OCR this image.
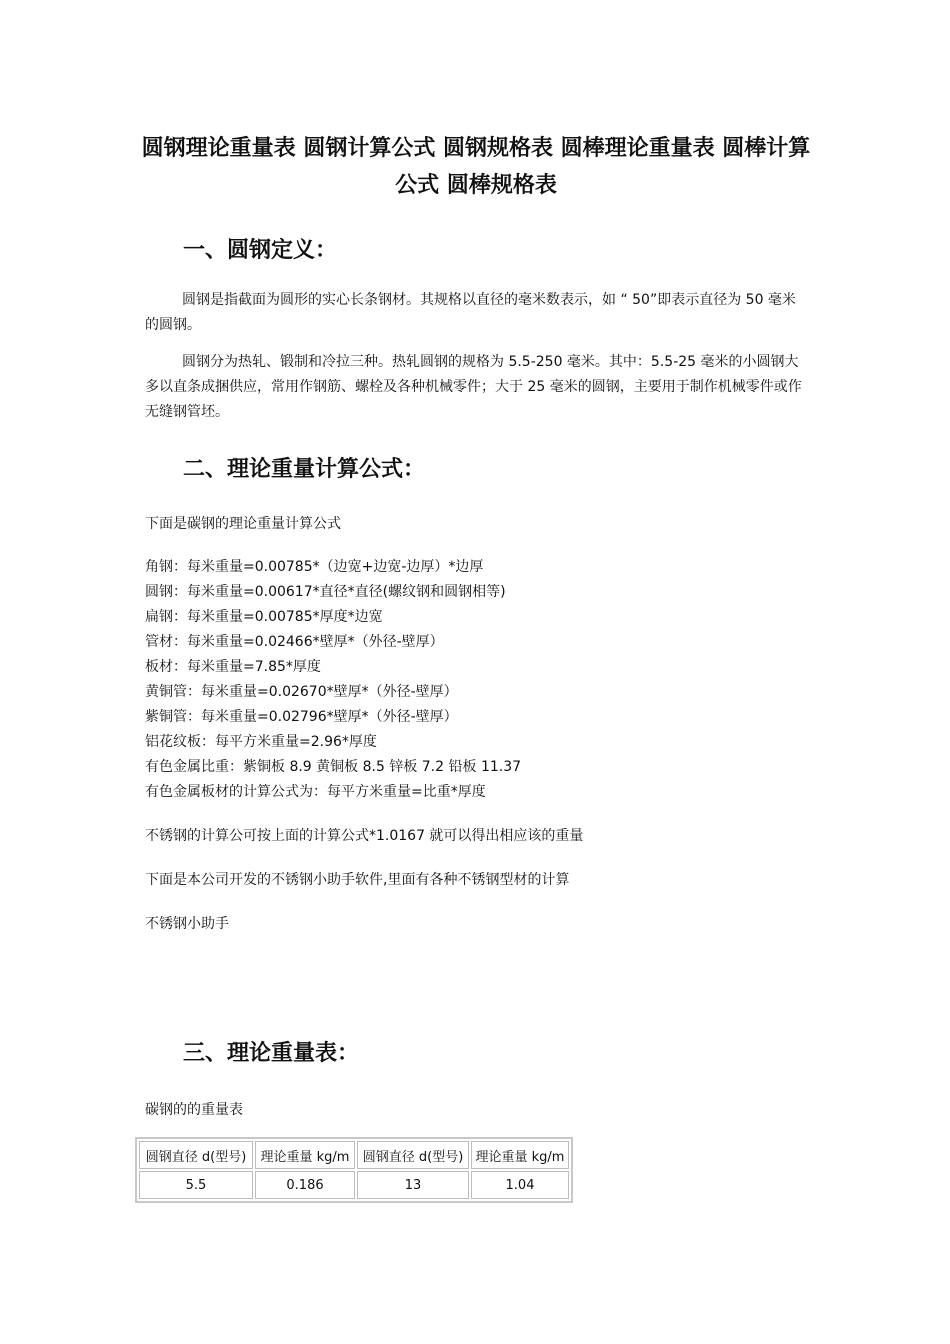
圆钢理论重量表 圆钢计算公式 圆钢规格表 圆棒理论重量表 圆棒计算公式 圆棒规格表
一、圆钢定义：

圆钢是指截面为圆形的实心长条钢材。其规格以直径的毫米数表示，如 “ 50”即表示直径为 50 毫米的圆钢。

圆钢分为热轧、锻制和冷拉三种。热轧圆钢的规格为 5.5-250 毫米。其中：5.5-25 毫米的小圆钢大多以直条成捆供应，常用作钢筋、螺栓及各种机械零件；大于 25 毫米的圆钢，主要用于制作机械零件或作无缝钢管坯。

二、理论重量计算公式：

下面是碳钢的理论重量计算公式

角钢：每米重量=0.00785*（边宽+边宽-边厚）*边厚
圆钢：每米重量=0.00617*直径*直径(螺纹钢和圆钢相等)
扁钢：每米重量=0.00785*厚度*边宽
管材：每米重量=0.02466*壁厚*（外径-壁厚）
板材：每米重量=7.85*厚度
黄铜管：每米重量=0.02670*壁厚*（外径-壁厚）
紫铜管：每米重量=0.02796*壁厚*（外径-壁厚）
铝花纹板：每平方米重量=2.96*厚度
有色金属比重：紫铜板 8.9 黄铜板 8.5 锌板 7.2 铅板 11.37
有色金属板材的计算公式为：每平方米重量=比重*厚度

不锈钢的计算公可按上面的计算公式*1.0167 就可以得出相应该的重量

下面是本公司开发的不锈钢小助手软件,里面有各种不锈钢型材的计算

不锈钢小助手

三、理论重量表：

碳钢的的重量表

圆钢直径 d(型号)	理论重量 kg/m	圆钢直径 d(型号)	理论重量 kg/m
5.5	0.186	13	1.04
